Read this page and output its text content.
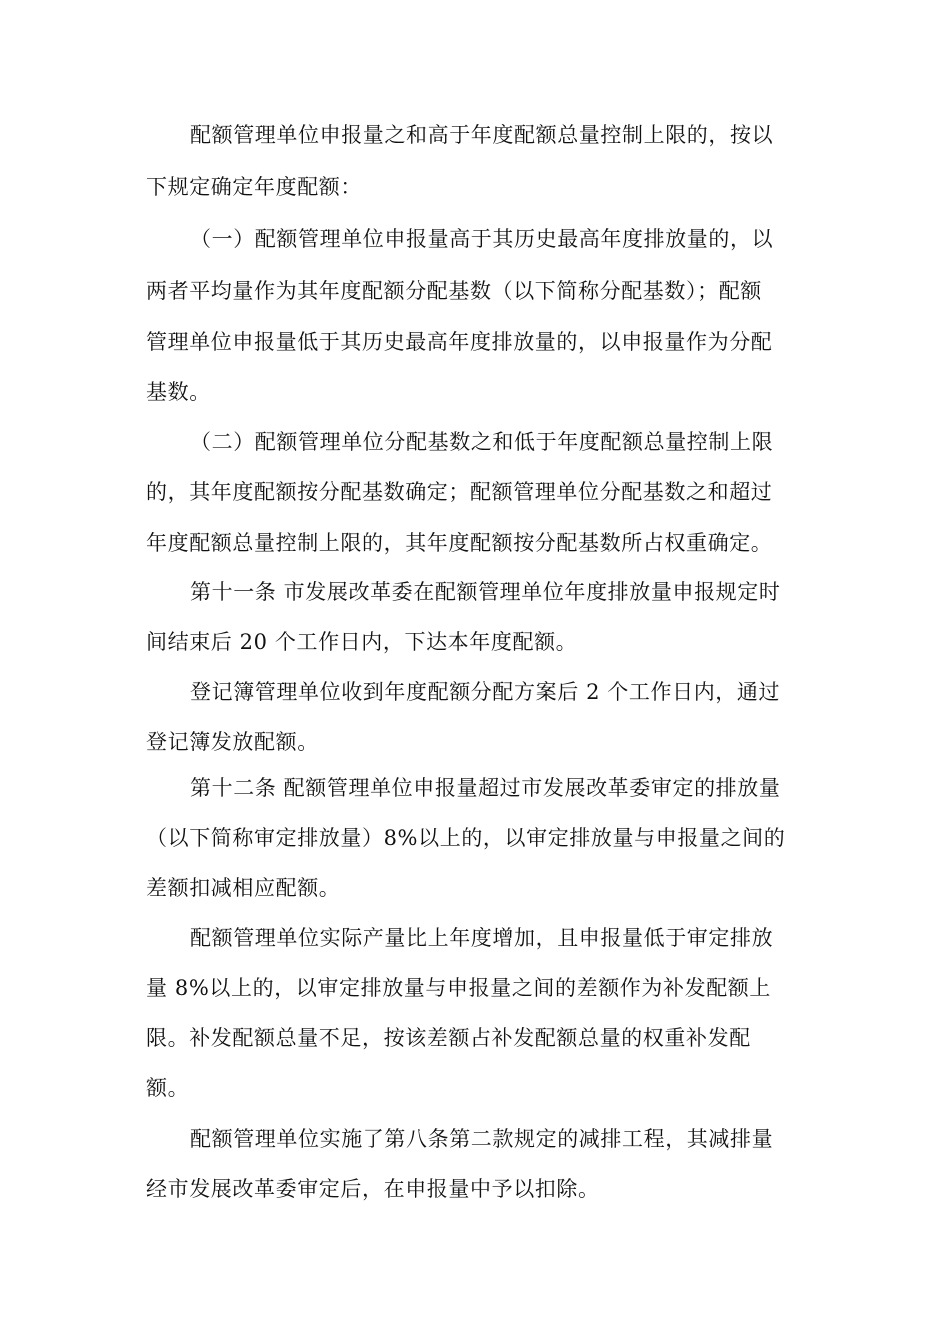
配额管理单位申报量之和高于年度配额总量控制上限的，按以
下规定确定年度配额：
（一）配额管理单位申报量高于其历史最高年度排放量的，以
两者平均量作为其年度配额分配基数（以下简称分配基数）；配额
管理单位申报量低于其历史最高年度排放量的，以申报量作为分配
基数。
（二）配额管理单位分配基数之和低于年度配额总量控制上限
的，其年度配额按分配基数确定；配额管理单位分配基数之和超过
年度配额总量控制上限的，其年度配额按分配基数所占权重确定。
第十一条 市发展改革委在配额管理单位年度排放量申报规定时
间结束后 20 个工作日内，下达本年度配额。
登记簿管理单位收到年度配额分配方案后 2 个工作日内，通过
登记簿发放配额。
第十二条 配额管理单位申报量超过市发展改革委审定的排放量
（以下简称审定排放量）8%以上的，以审定排放量与申报量之间的
差额扣减相应配额。
配额管理单位实际产量比上年度增加，且申报量低于审定排放
量 8%以上的，以审定排放量与申报量之间的差额作为补发配额上
限。补发配额总量不足，按该差额占补发配额总量的权重补发配
额。
配额管理单位实施了第八条第二款规定的减排工程，其减排量
经市发展改革委审定后，在申报量中予以扣除。
